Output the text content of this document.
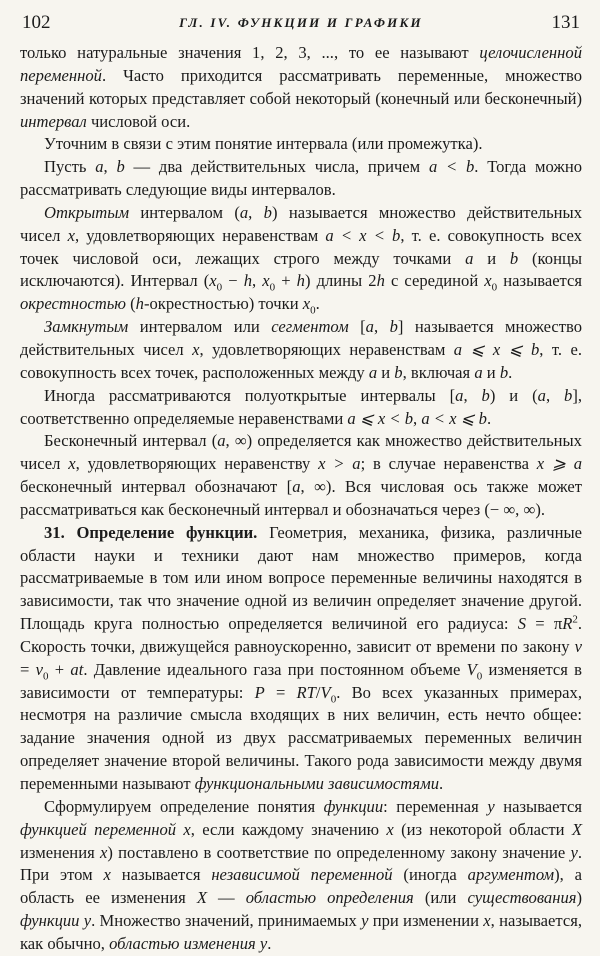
102	ГЛ. IV. ФУНКЦИИ И ГРАФИКИ	131

только натуральные значения 1, 2, 3, ..., то ее называют целочисленной переменной. Часто приходится рассматривать переменные, множество значений которых представляет собой некоторый (конечный или бесконечный) интервал числовой оси.

Уточним в связи с этим понятие интервала (или промежутка).

Пусть a, b — два действительных числа, причем a < b. Тогда можно рассматривать следующие виды интервалов.

Открытым интервалом (a, b) называется множество действительных чисел x, удовлетворяющих неравенствам a < x < b, т. е. совокупность всех точек числовой оси, лежащих строго между точками a и b (концы исключаются). Интервал ($x_0 - h$, $x_0 + h$) длины 2h с серединой $x_0$ называется окрестностью (h-окрестностью) точки $x_0$.

Замкнутым интервалом или сегментом [a, b] называется множество действительных чисел x, удовлетворяющих неравенствам a ⩽ x ⩽ b, т. е. совокупность всех точек, расположенных между a и b, включая a и b.

Иногда рассматриваются полуоткрытые интервалы [a, b) и (a, b], соответственно определяемые неравенствами a ⩽ x < b, a < x ⩽ b.

Бесконечный интервал (a, ∞) определяется как множество действительных чисел x, удовлетворяющих неравенству x > a; в случае неравенства x ⩾ a бесконечный интервал обозначают [a, ∞). Вся числовая ось также может рассматриваться как бесконечный интервал и обозначаться через (− ∞, ∞).

31. Определение функции. Геометрия, механика, физика, различные области науки и техники дают нам множество примеров, когда рассматриваемые в том или ином вопросе переменные величины находятся в зависимости, так что значение одной из величин определяет значение другой. Площадь круга полностью определяется величиной его радиуса: $S = \pi R^2$. Скорость точки, движущейся равноускоренно, зависит от времени по закону $v = v_0$ + at. Давление идеального газа при постоянном объеме $V_0$ изменяется в зависимости от температуры: $P = RT/V_0$. Во всех указанных примерах, несмотря на различие смысла входящих в них величин, есть нечто общее: задание значения одной из двух рассматриваемых переменных величин определяет значение второй величины. Такого рода зависимости между двумя переменными называют функциональными зависимостями.

Сформулируем определение понятия функции: переменная y называется функцией переменной x, если каждому значению x (из некоторой области X изменения x) поставлено в соответствие по определенному закону значение y. При этом x называется независимой переменной (иногда аргументом), а область ее изменения X — областью определения (или существования) функции y. Множество значений, принимаемых y при изменении x, называется, как обычно, областью изменения y.
